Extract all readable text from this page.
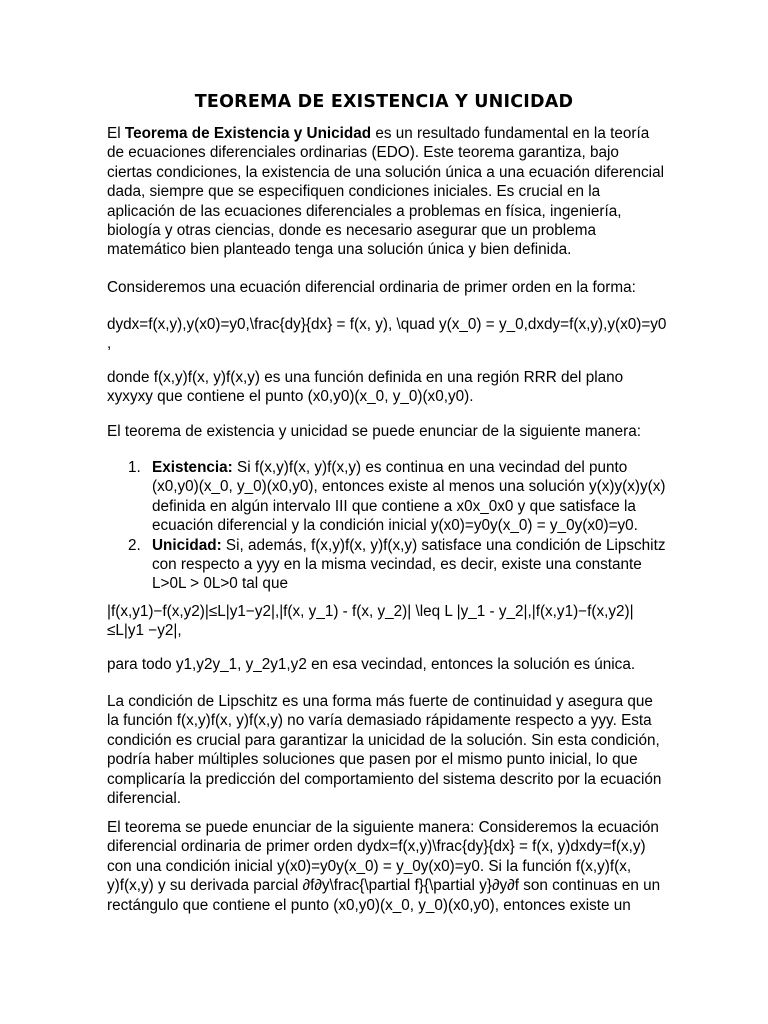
TEOREMA DE EXISTENCIA Y UNICIDAD

El Teorema de Existencia y Unicidad es un resultado fundamental en la teoría de ecuaciones diferenciales ordinarias (EDO). Este teorema garantiza, bajo ciertas condiciones, la existencia de una solución única a una ecuación diferencial dada, siempre que se especifiquen condiciones iniciales. Es crucial en la aplicación de las ecuaciones diferenciales a problemas en física, ingeniería, biología y otras ciencias, donde es necesario asegurar que un problema matemático bien planteado tenga una solución única y bien definida.

Consideremos una ecuación diferencial ordinaria de primer orden en la forma:

dydx=f(x,y),y(x0)=y0,\frac{dy}{dx} = f(x, y), \quad y(x_0) = y_0,dxdy=f(x,y),y(x0)=y0 ,

donde f(x,y)f(x, y)f(x,y) es una función definida en una región RRR del plano xyxyxy que contiene el punto (x0,y0)(x_0, y_0)(x0,y0).

El teorema de existencia y unicidad se puede enunciar de la siguiente manera:

1. Existencia: Si f(x,y)f(x, y)f(x,y) es continua en una vecindad del punto (x0,y0)(x_0, y_0)(x0,y0), entonces existe al menos una solución y(x)y(x)y(x) definida en algún intervalo III que contiene a x0x_0x0 y que satisface la ecuación diferencial y la condición inicial y(x0)=y0y(x_0) = y_0y(x0)=y0.
2. Unicidad: Si, además, f(x,y)f(x, y)f(x,y) satisface una condición de Lipschitz con respecto a yyy en la misma vecindad, es decir, existe una constante L>0L > 0L>0 tal que

|f(x,y1)−f(x,y2)|≤L|y1−y2|,|f(x, y_1) - f(x, y_2)| \leq L |y_1 - y_2|,|f(x,y1)−f(x,y2)|≤L|y1 −y2|,

para todo y1,y2y_1, y_2y1,y2 en esa vecindad, entonces la solución es única.

La condición de Lipschitz es una forma más fuerte de continuidad y asegura que la función f(x,y)f(x, y)f(x,y) no varía demasiado rápidamente respecto a yyy. Esta condición es crucial para garantizar la unicidad de la solución. Sin esta condición, podría haber múltiples soluciones que pasen por el mismo punto inicial, lo que complicaría la predicción del comportamiento del sistema descrito por la ecuación diferencial.

El teorema se puede enunciar de la siguiente manera: Consideremos la ecuación diferencial ordinaria de primer orden dydx=f(x,y)\frac{dy}{dx} = f(x, y)dxdy=f(x,y) con una condición inicial y(x0)=y0y(x_0) = y_0y(x0)=y0. Si la función f(x,y)f(x, y)f(x,y) y su derivada parcial ∂f∂y\frac{\partial f}{\partial y}∂y∂f son continuas en un rectángulo que contiene el punto (x0,y0)(x_0, y_0)(x0,y0), entonces existe un
